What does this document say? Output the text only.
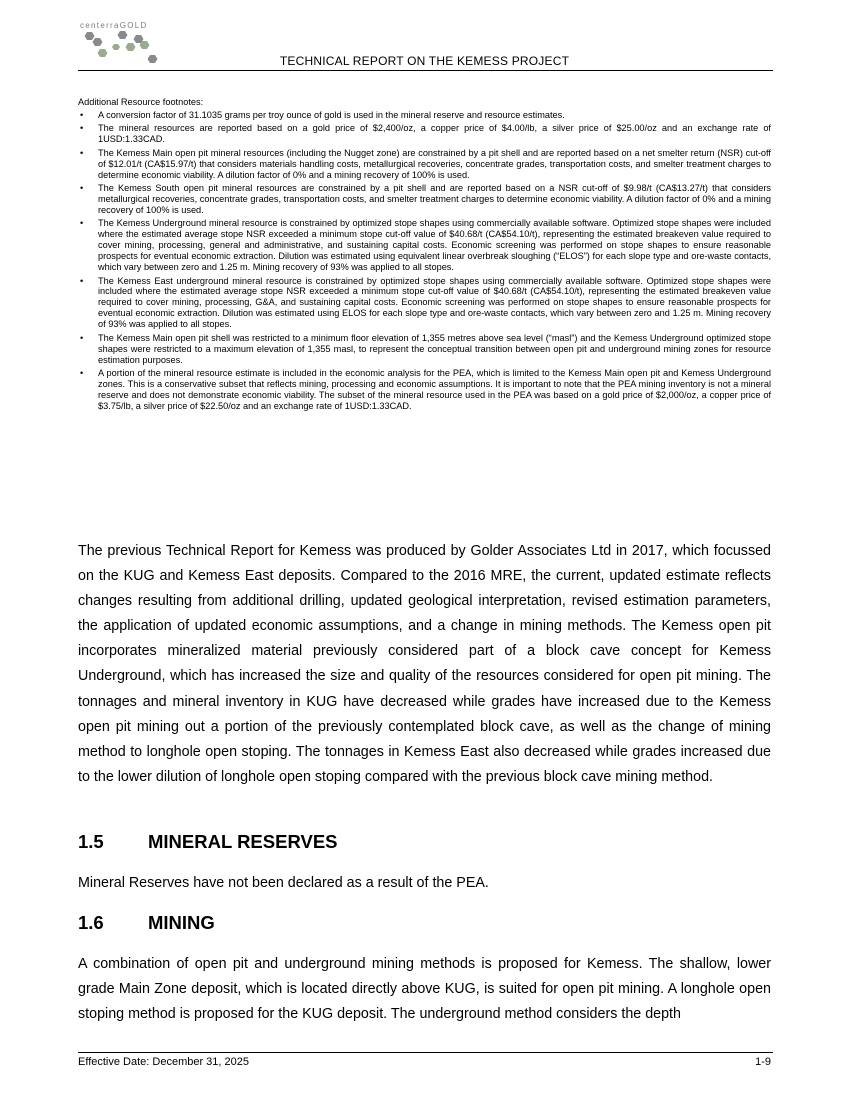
centerraGOLD
TECHNICAL REPORT ON THE KEMESS PROJECT
Additional Resource footnotes:
• A conversion factor of 31.1035 grams per troy ounce of gold is used in the mineral reserve and resource estimates.
• The mineral resources are reported based on a gold price of $2,400/oz, a copper price of $4.00/lb, a silver price of $25.00/oz and an exchange rate of 1USD:1.33CAD.
• The Kemess Main open pit mineral resources (including the Nugget zone) are constrained by a pit shell and are reported based on a net smelter return (NSR) cut-off of $12.01/t (CA$15.97/t) that considers materials handling costs, metallurgical recoveries, concentrate grades, transportation costs, and smelter treatment charges to determine economic viability. A dilution factor of 0% and a mining recovery of 100% is used.
• The Kemess South open pit mineral resources are constrained by a pit shell and are reported based on a NSR cut-off of $9.98/t (CA$13.27/t) that considers metallurgical recoveries, concentrate grades, transportation costs, and smelter treatment charges to determine economic viability. A dilution factor of 0% and a mining recovery of 100% is used.
• The Kemess Underground mineral resource is constrained by optimized stope shapes using commercially available software. Optimized stope shapes were included where the estimated average stope NSR exceeded a minimum stope cut-off value of $40.68/t (CA$54.10/t), representing the estimated breakeven value required to cover mining, processing, general and administrative, and sustaining capital costs. Economic screening was performed on stope shapes to ensure reasonable prospects for eventual economic extraction. Dilution was estimated using equivalent linear overbreak sloughing (“ELOS”) for each slope type and ore-waste contacts, which vary between zero and 1.25 m. Mining recovery of 93% was applied to all stopes.
• The Kemess East underground mineral resource is constrained by optimized stope shapes using commercially available software. Optimized stope shapes were included where the estimated average stope NSR exceeded a minimum stope cut-off value of $40.68/t (CA$54.10/t), representing the estimated breakeven value required to cover mining, processing, G&A, and sustaining capital costs. Economic screening was performed on stope shapes to ensure reasonable prospects for eventual economic extraction. Dilution was estimated using ELOS for each slope type and ore-waste contacts, which vary between zero and 1.25 m. Mining recovery of 93% was applied to all stopes.
• The Kemess Main open pit shell was restricted to a minimum floor elevation of 1,355 metres above sea level (“masl”) and the Kemess Underground optimized stope shapes were restricted to a maximum elevation of 1,355 masl, to represent the conceptual transition between open pit and underground mining zones for resource estimation purposes.
• A portion of the mineral resource estimate is included in the economic analysis for the PEA, which is limited to the Kemess Main open pit and Kemess Underground zones. This is a conservative subset that reflects mining, processing and economic assumptions. It is important to note that the PEA mining inventory is not a mineral reserve and does not demonstrate economic viability. The subset of the mineral resource used in the PEA was based on a gold price of $2,000/oz, a copper price of $3.75/lb, a silver price of $22.50/oz and an exchange rate of 1USD:1.33CAD.

The previous Technical Report for Kemess was produced by Golder Associates Ltd in 2017, which focussed on the KUG and Kemess East deposits. Compared to the 2016 MRE, the current, updated estimate reflects changes resulting from additional drilling, updated geological interpretation, revised estimation parameters, the application of updated economic assumptions, and a change in mining methods. The Kemess open pit incorporates mineralized material previously considered part of a block cave concept for Kemess Underground, which has increased the size and quality of the resources considered for open pit mining. The tonnages and mineral inventory in KUG have decreased while grades have increased due to the Kemess open pit mining out a portion of the previously contemplated block cave, as well as the change of mining method to longhole open stoping. The tonnages in Kemess East also decreased while grades increased due to the lower dilution of longhole open stoping compared with the previous block cave mining method.

1.5 MINERAL RESERVES

Mineral Reserves have not been declared as a result of the PEA.

1.6 MINING

A combination of open pit and underground mining methods is proposed for Kemess. The shallow, lower grade Main Zone deposit, which is located directly above KUG, is suited for open pit mining. A longhole open stoping method is proposed for the KUG deposit. The underground method considers the depth

Effective Date: December 31, 2025	1-9
